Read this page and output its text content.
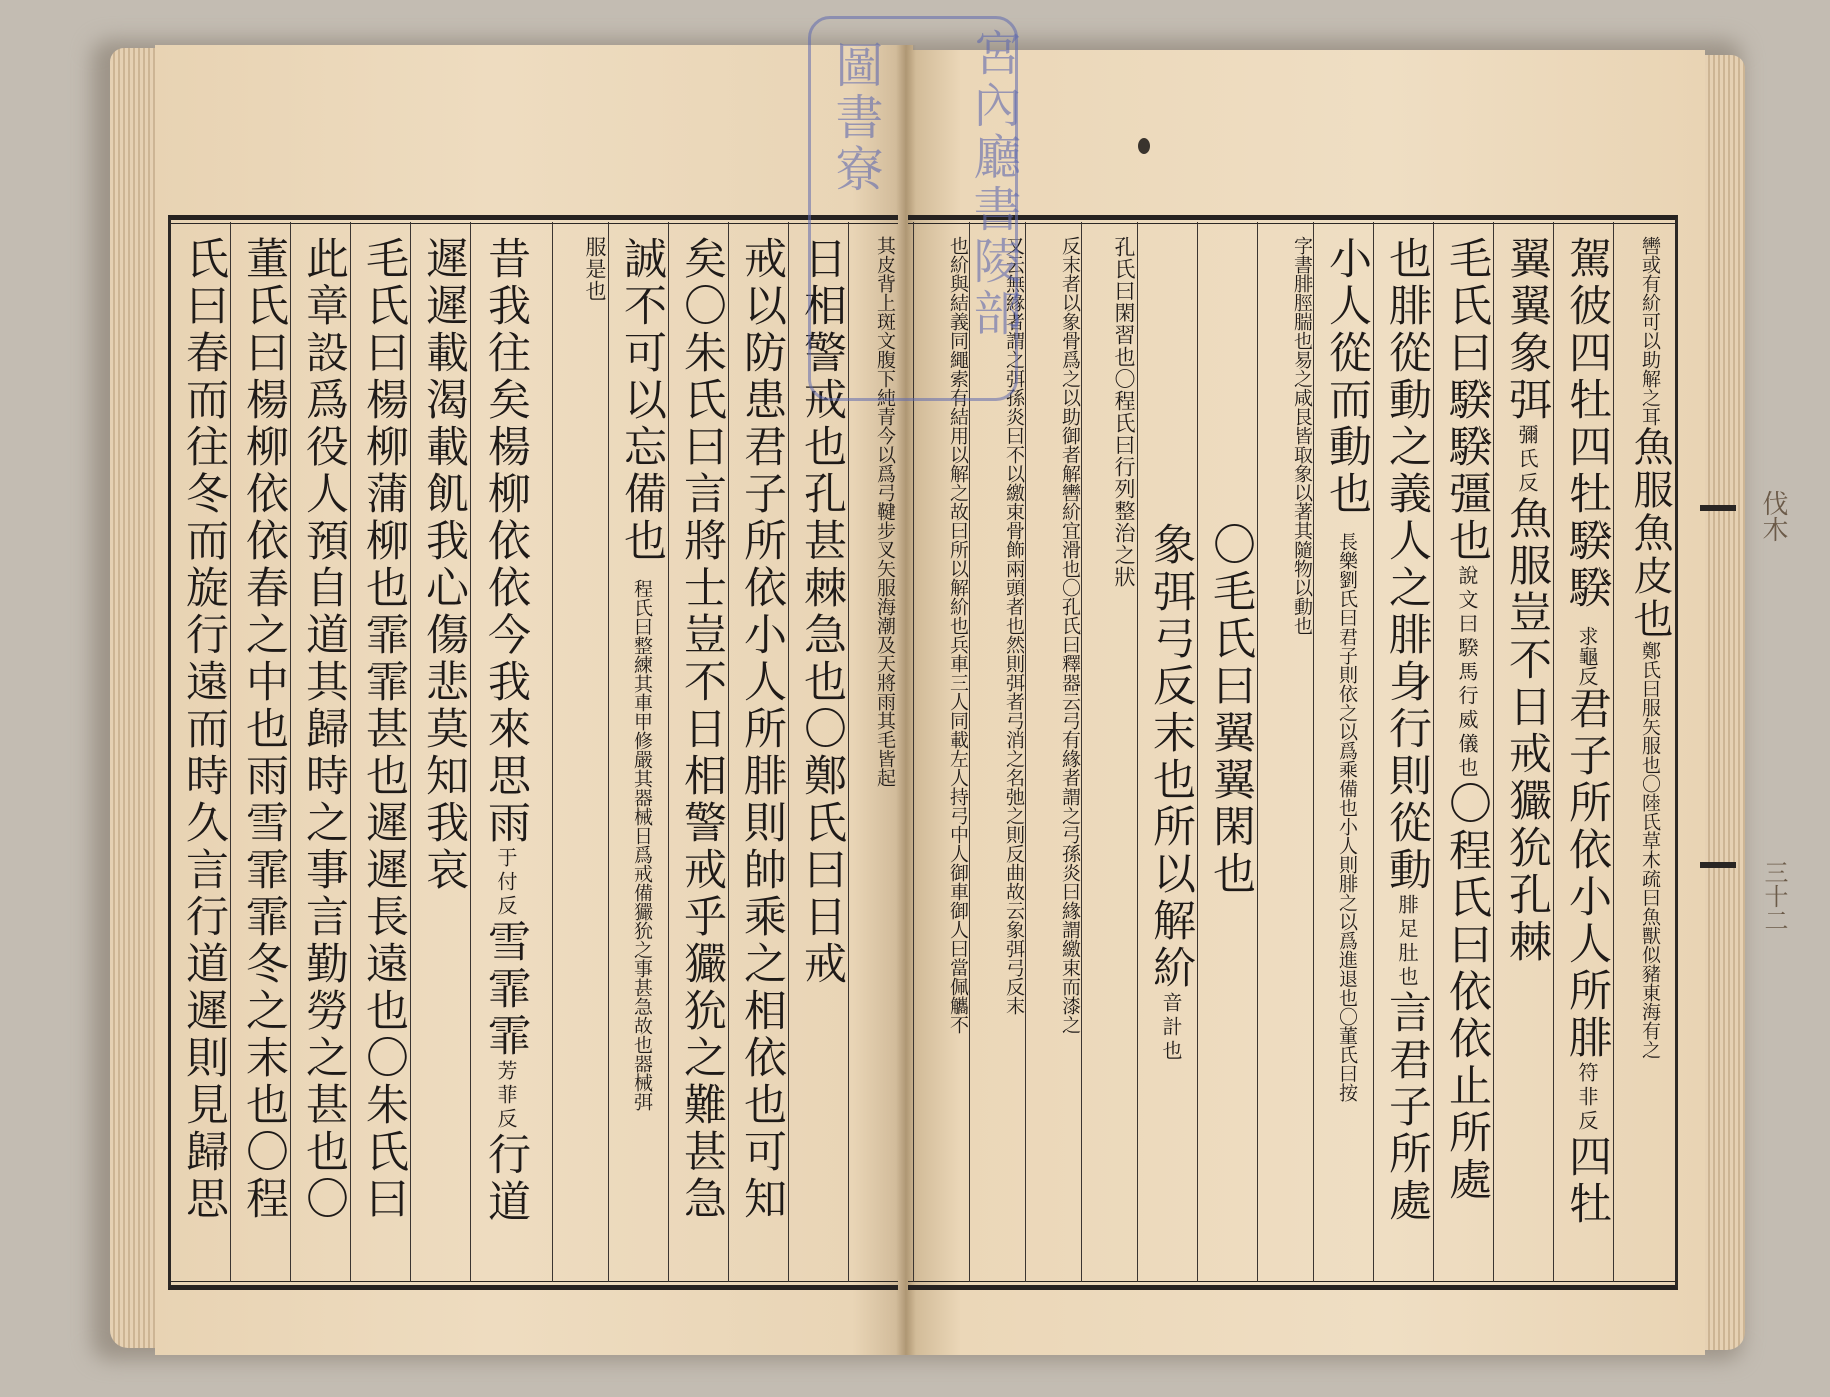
伐木
三十二
駕彼四牡四牡騤騤求龜反君子所依小人所腓符非反四牡
翼翼象弭彌氏反魚服豈不日戒玁狁孔棘
毛氏曰騤騤彊也說文曰騤馬行威儀也〇程氏曰依依止所處
也腓從動之義人之腓身行則從動腓足肚也言君子所處
小人從而動也長樂劉氏曰君子則依之以爲乘備也小人則腓之以爲進退也〇董氏曰按
字書腓脛腨也易之咸艮皆取象以著其隨物以動也
〇毛氏曰翼翼閑也
象弭弓反末也所以解紒音計也
孔氏曰閑習也〇程氏曰行列整治之狀
反末者以象骨爲之以助御者解轡紒宜滑也〇孔氏曰釋器云弓有緣者謂之弓孫炎曰緣謂繳束而漆之
又云無緣者謂之弭孫炎曰不以繳束骨飾兩頭者也然則弭者弓消之名弛之則反曲故云象弭弓反末
也紒與結義同繩索有結用以解之故曰所以解紒也兵車三人同載左人持弓中人御車御人曰當佩觿不
其皮背上斑文腹下純青今以爲弓鞬步叉矢服海潮及天將雨其毛皆起
日相警戒也孔甚棘急也〇鄭氏曰日戒
戒以防患君子所依小人所腓則帥乘之相依也可知
矣〇朱氏曰言將士豈不日相警戒乎玁狁之難甚急
誠不可以忘備也程氏曰整練其車甲修嚴其器械日爲戒備玁狁之事甚急故也器械弭
服是也
昔我往矣楊柳依依今我來思雨于付反雪霏霏芳菲反行道
遲遲載渴載飢我心傷悲莫知我哀
毛氏曰楊柳蒲柳也霏霏甚也遲遲長遠也〇朱氏曰
此章設爲役人預自道其歸時之事言勤勞之甚也〇
董氏曰楊柳依依春之中也雨雪霏霏冬之末也〇程
氏曰春而往冬而旋行遠而時久言行道遲則見歸思	轡或有紒可以助解之耳魚服魚皮也鄭氏曰服矢服也〇陸氏草木疏曰魚獸似豬東海有之
宮內廳書陵部
圖書寮
